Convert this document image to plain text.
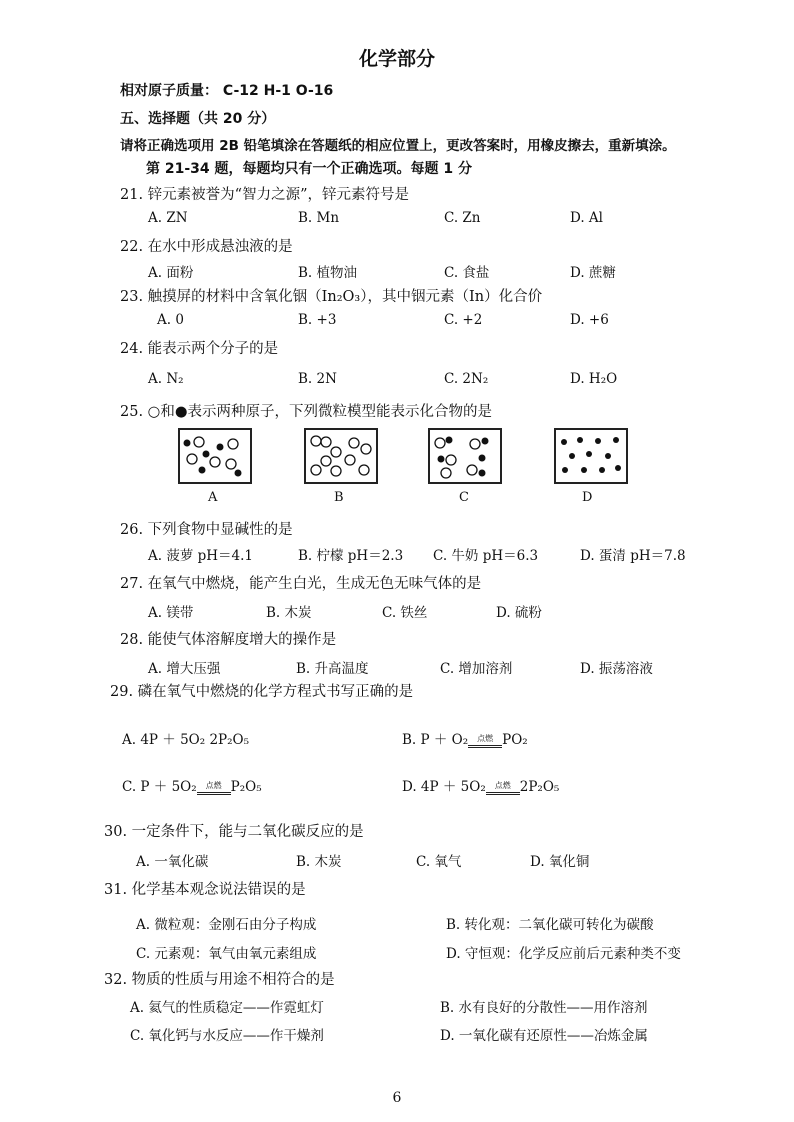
化学部分
相对原子质量： C-12 H-1 O-16
五、选择题（共 20 分）
请将正确选项用 2B 铅笔填涂在答题纸的相应位置上，更改答案时，用橡皮擦去，重新填涂。
第 21-34 题，每题均只有一个正确选项。每题 1 分
21. 锌元素被誉为“智力之源”，锌元素符号是
A. ZN	B. Mn	C. Zn	D. Al
22. 在水中形成悬浊液的是
A. 面粉	B. 植物油	C. 食盐	D. 蔗糖
23. 触摸屏的材料中含氧化铟（In₂O₃），其中铟元素（In）化合价
A. 0	B. +3	C. +2	D. +6
24. 能表示两个分子的是
A. N₂	B. 2N	C. 2N₂	D. H₂O
25. ○和●表示两种原子，下列微粒模型能表示化合物的是
A	B	C	D
26. 下列食物中显碱性的是
A. 菠萝 pH＝4.1	B. 柠檬 pH＝2.3 C. 牛奶 pH＝6.3	D. 蛋清 pH＝7.8
27. 在氧气中燃烧，能产生白光，生成无色无味气体的是
A. 镁带	B. 木炭	C. 铁丝	D. 硫粉
28. 能使气体溶解度增大的操作是
A. 增大压强	B. 升高温度	C. 增加溶剂	D. 振荡溶液
29. 磷在氧气中燃烧的化学方程式书写正确的是
A. 4P ＋ 5O₂ 2P₂O₅	B. P ＋ O₂ 点燃 PO₂
C. P ＋ 5O₂ 点燃 P₂O₅	D. 4P ＋ 5O₂ 点燃 2P₂O₅
30. 一定条件下，能与二氧化碳反应的是
A. 一氧化碳	B. 木炭	C. 氧气	D. 氧化铜
31. 化学基本观念说法错误的是
A. 微粒观：金刚石由分子构成	B. 转化观：二氧化碳可转化为碳酸
C. 元素观：氧气由氧元素组成	D. 守恒观：化学反应前后元素种类不变
32. 物质的性质与用途不相符合的是
A. 氦气的性质稳定——作霓虹灯	B. 水有良好的分散性——用作溶剂
C. 氧化钙与水反应——作干燥剂	D. 一氧化碳有还原性——冶炼金属
6
